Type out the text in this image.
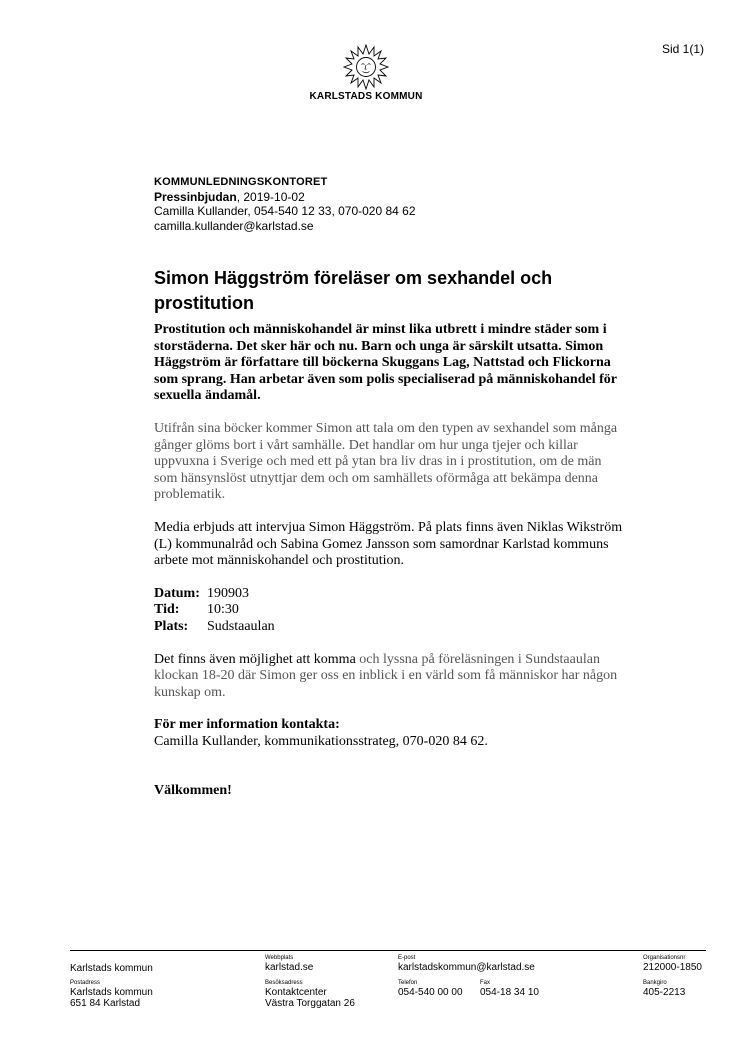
Sid 1(1)
KARLSTADS KOMMUN
KOMMUNLEDNINGSKONTORET
Pressinbjudan, 2019-10-02
Camilla Kullander, 054-540 12 33, 070-020 84 62
camilla.kullander@karlstad.se
Simon Häggström föreläser om sexhandel och prostitution

Prostitution och människohandel är minst lika utbrett i mindre städer som i storstäderna. Det sker här och nu. Barn och unga är särskilt utsatta. Simon Häggström är författare till böckerna Skuggans Lag, Nattstad och Flickorna som sprang. Han arbetar även som polis specialiserad på människohandel för sexuella ändamål.

Utifrån sina böcker kommer Simon att tala om den typen av sexhandel som många gånger glöms bort i vårt samhälle. Det handlar om hur unga tjejer och killar uppvuxna i Sverige och med ett på ytan bra liv dras in i prostitution, om de män som hänsynslöst utnyttjar dem och om samhällets oförmåga att bekämpa denna problematik.

Media erbjuds att intervjua Simon Häggström. På plats finns även Niklas Wikström (L) kommunalråd och Sabina Gomez Jansson som samordnar Karlstad kommuns arbete mot människohandel och prostitution.

Datum: 190903
Tid:	10:30
Plats:	Sudstaaulan

Det finns även möjlighet att komma och lyssna på föreläsningen i Sundstaaulan klockan 18-20 där Simon ger oss en inblick i en värld som få människor har någon kunskap om.

För mer information kontakta:

Camilla Kullander, kommunikationsstrateg, 070-020 84 62.

Välkommen!

Karlstads kommun
Webbplats
karlstad.se
E-post
karlstadskommun@karlstad.se
Organisationsnr
212000-1850
Postadress
Karlstads kommun
651 84 Karlstad
Besöksadress
Kontaktcenter
Västra Torggatan 26
Telefon
054-540 00 00
Fax
054-18 34 10
Bankgiro
405-2213
